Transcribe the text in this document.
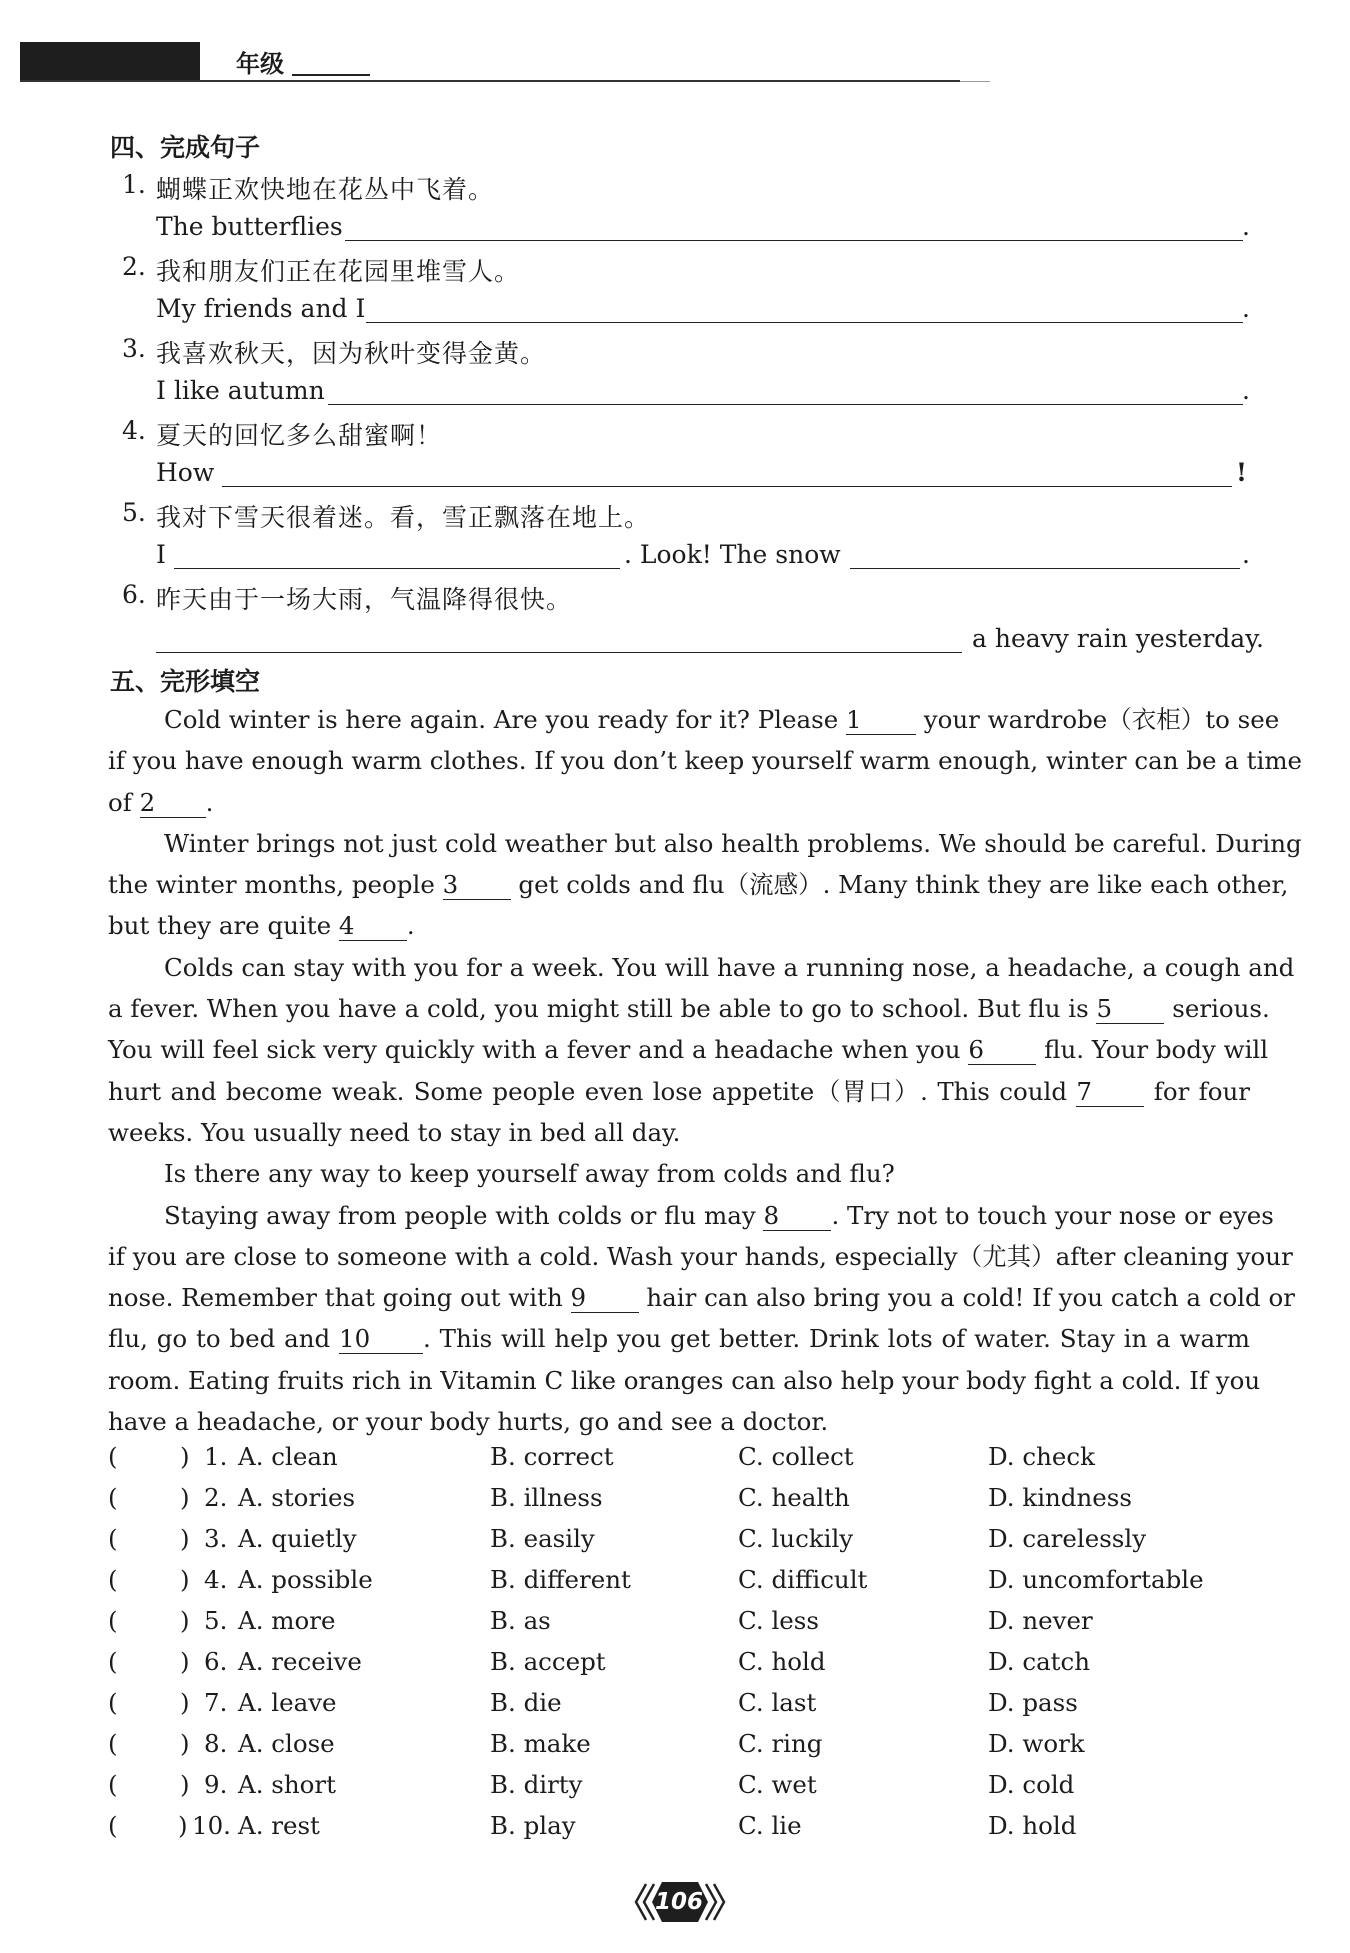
年级
四、完成句子
1. 蝴蝶正欢快地在花丛中飞着。
The butterflies	.
2. 我和朋友们正在花园里堆雪人。
My friends and I	.
3. 我喜欢秋天，因为秋叶变得金黄。
I like autumn	.
4. 夏天的回忆多么甜蜜啊！
How	!
5. 我对下雪天很着迷。看，雪正飘落在地上。
I	. Look! The snow	.
6. 昨天由于一场大雨，气温降得很快。
a heavy rain yesterday.
五、完形填空
Cold winter is here again. Are you ready for it? Please 1	your wardrobe（衣柜）to see
if you have enough warm clothes. If you don’t keep yourself warm enough, winter can be a time
of 2 .
Winter brings not just cold weather but also health problems. We should be careful. During
the winter months, people 3 get colds and flu（流感）. Many think they are like each other,
but they are quite 4 .
Colds can stay with you for a week. You will have a running nose, a headache, a cough and
a fever. When you have a cold, you might still be able to go to school. But flu is 5 serious.
You will feel sick very quickly with a fever and a headache when you 6 flu. Your body will
hurt and become weak. Some people even lose appetite（胃口）. This could 7	for four
weeks. You usually need to stay in bed all day.
Is there any way to keep yourself away from colds and flu?
Staying away from people with colds or flu may 8 . Try not to touch your nose or eyes
if you are close to someone with a cold. Wash your hands, especially（尤其）after cleaning your
nose. Remember that going out with 9 hair can also bring you a cold! If you catch a cold or
flu, go to bed and 10 . This will help you get better. Drink lots of water. Stay in a warm
room. Eating fruits rich in Vitamin C like oranges can also help your body fight a cold. If you
have a headache, or your body hurts, go and see a doctor.
(	) 1. A. clean	B. correct	C. collect	D. check
(	) 2. A. stories	B. illness	C. health	D. kindness
(	) 3. A. quietly	B. easily	C. luckily	D. carelessly
(	) 4. A. possible	B. different	C. difficult	D. uncomfortable
(	) 5. A. more	B. as	C. less	D. never
(	) 6. A. receive	B. accept	C. hold	D. catch
(	) 7. A. leave	B. die	C. last	D. pass
(	) 8. A. close	B. make	C. ring	D. work
(	) 9. A. short	B. dirty	C. wet	D. cold
( ) 10. A. rest	B. play	C. lie	D. hold
106
